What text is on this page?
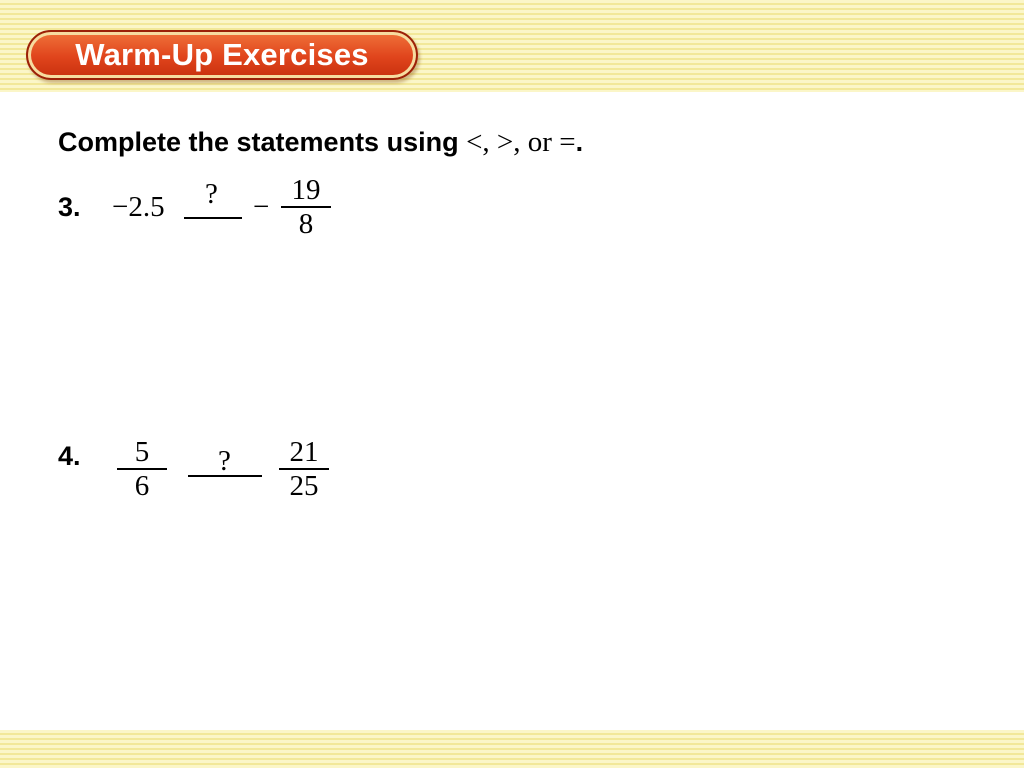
Warm-Up Exercises
Complete the statements using <, >, or =.
3. −2.5 ? −
19
8
4.	5
6
?	21
25
